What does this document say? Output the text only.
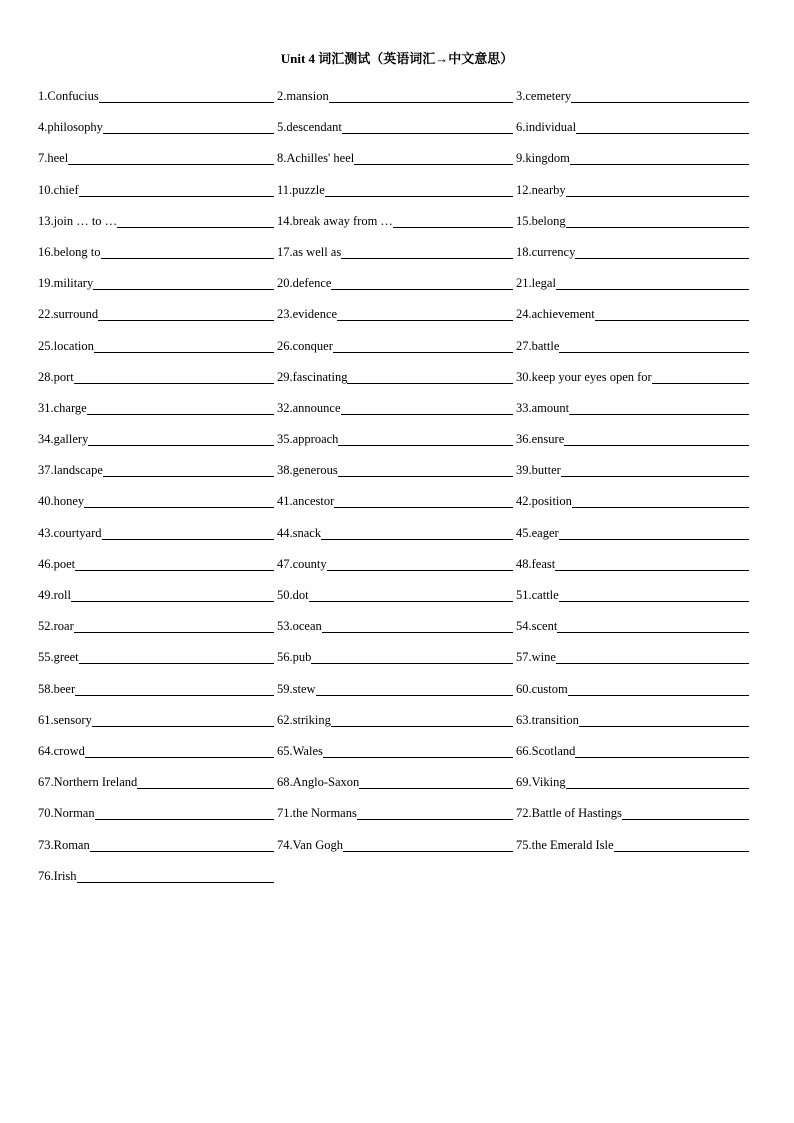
Unit 4 词汇测试（英语词汇→中文意思）
1.Confucius	2.mansion	3.cemetery
4.philosophy	5.descendant	6.individual
7.heel	8.Achilles' heel	9.kingdom
10.chief	11.puzzle	12.nearby
13.join … to …	14.break away from …	15.belong
16.belong to	17.as well as	18.currency
19.military	20.defence	21.legal
22.surround	23.evidence	24.achievement
25.location	26.conquer	27.battle
28.port	29.fascinating	30.keep your eyes open for
31.charge	32.announce	33.amount
34.gallery	35.approach	36.ensure
37.landscape	38.generous	39.butter
40.honey	41.ancestor	42.position
43.courtyard	44.snack	45.eager
46.poet	47.county	48.feast
49.roll	50.dot	51.cattle
52.roar	53.ocean	54.scent
55.greet	56.pub	57.wine
58.beer	59.stew	60.custom
61.sensory	62.striking	63.transition
64.crowd	65.Wales	66.Scotland
67.Northern Ireland	68.Anglo-Saxon	69.Viking
70.Norman	71.the Normans	72.Battle of Hastings
73.Roman	74.Van Gogh	75.the Emerald Isle
76.Irish
